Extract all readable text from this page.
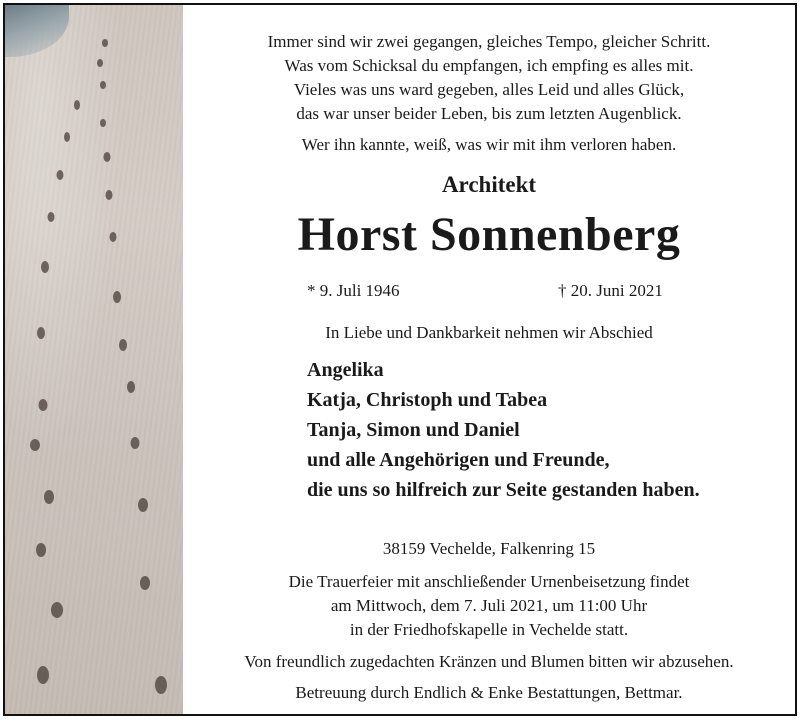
Immer sind wir zwei gegangen, gleiches Tempo, gleicher Schritt.
Was vom Schicksal du empfangen, ich empfing es alles mit.
Vieles was uns ward gegeben, alles Leid und alles Glück,
das war unser beider Leben, bis zum letzten Augenblick.
Wer ihn kannte, weiß, was wir mit ihm verloren haben.
Architekt
Horst Sonnenberg
* 9. Juli 1946	† 20. Juni 2021
In Liebe und Dankbarkeit nehmen wir Abschied
Angelika
Katja, Christoph und Tabea
Tanja, Simon und Daniel
und alle Angehörigen und Freunde,
die uns so hilfreich zur Seite gestanden haben.
38159 Vechelde, Falkenring 15
Die Trauerfeier mit anschließender Urnenbeisetzung findet
am Mittwoch, dem 7. Juli 2021, um 11:00 Uhr
in der Friedhofskapelle in Vechelde statt.
Von freundlich zugedachten Kränzen und Blumen bitten wir abzusehen.
Betreuung durch Endlich & Enke Bestattungen, Bettmar.
